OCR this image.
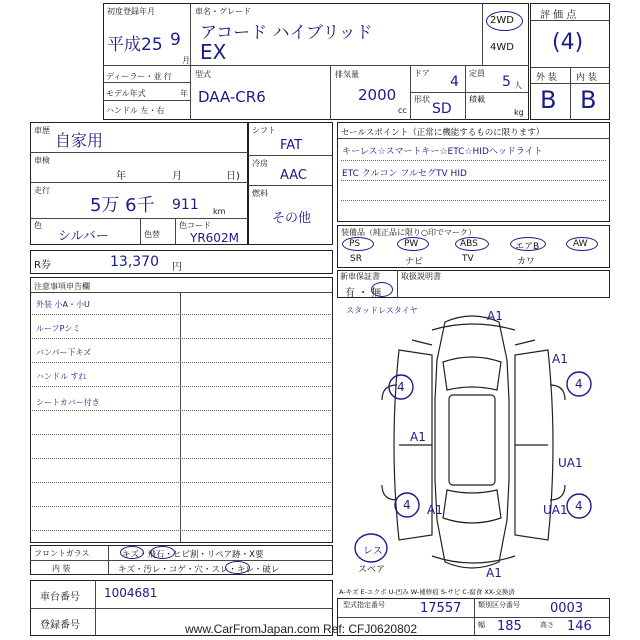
初度登録年月
平成25 9
月
車名・グレード
アコード ハイブリッド
EX
2WD
4WD
ディーラー・並 行
モデル年式	年
ハンドル 左・右
型式
DAA-CR6
排気量
2000
cc
ドア
4
形状
SD
定員
5 人
積載
kg
評 価 点
(4)
外 装 内 装
B B
車歴
自家用
車検
年	月	日)
走行
5万 6千 911 km
色
シルバー	色替
色コード
YR602M
シフト
FAT
冷房
AAC
燃料
その他
R券	13,370 円
セールスポイント（正常に機能するものに限ります）
キーレス☆スマートキー☆ETC☆HIDヘッドライト
ETC クルコン フルセグTV HID
装備品（純正品に限り○印でマーク）
PS	PW	ABS	エアB	AW
SR	ナビ	TV	カワ
新車保証書	取扱説明書
有 ・ 無
注意事項申告欄
外装 小A・小U
ルーフPシミ
バンパー下キズ
ハンドル すれ
シートカバー付き
スタッドレスタイヤ	A1
A1
4	4
A1
UA1
4 A1	UA1 4
A1
レス
スペア
フロントガラス	キズ・飛石・ヒビ割・リペア跡・X要
内 装	キズ・汚レ・コゲ・穴・スレ・キレ・破レ
車台番号 1004681
登録番号
A-キズ E-エクボ U-凹み W-補修痕 S-サビ C-腐食 XX-交換済
型式指定番号	17557 類別区分番号 0003
幅 185	高さ 146
www.CarFromJapan.com Ref: CFJ0620802
